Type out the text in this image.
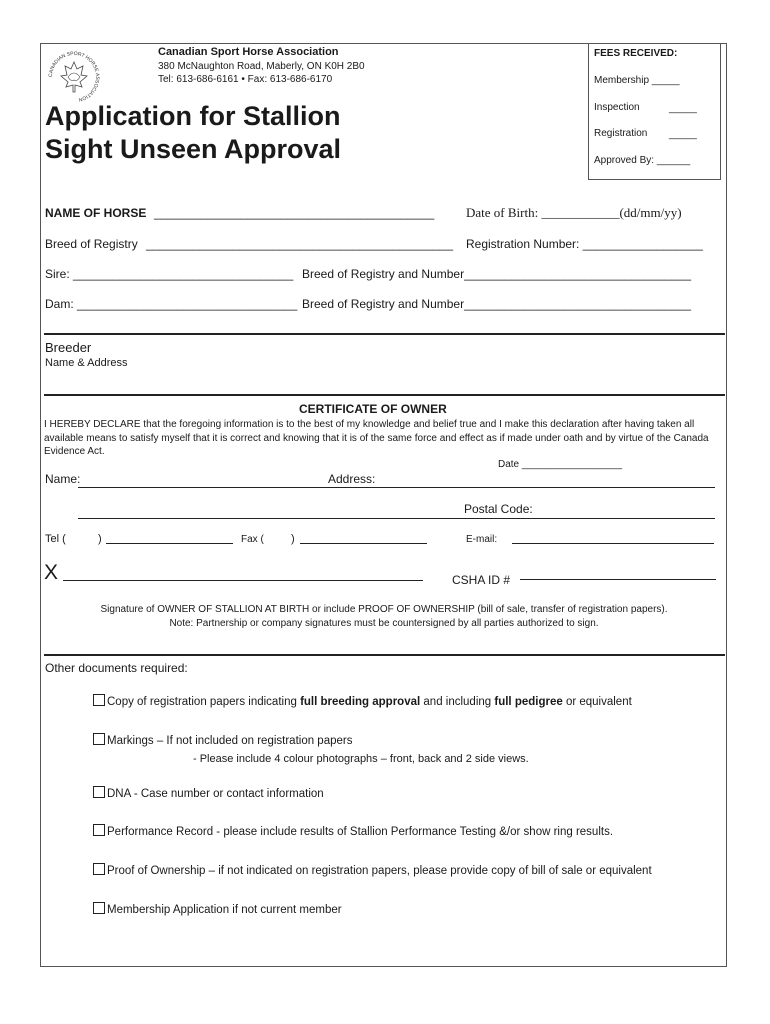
CANADIAN SPORT HORSE ASSOCIATION
Canadian Sport Horse Association
380 McNaughton Road, Maberly, ON K0H 2B0
Tel: 613-686-6161 • Fax: 613-686-6170
Application for Stallion
Sight Unseen Approval
FEES RECEIVED:
Membership _____
Inspection	_____
Registration _____
Approved By: ______
NAME OF HORSE __________________________________________ Date of Birth: ____________(dd/mm/yy)
Breed of Registry ______________________________________________ Registration Number: __________________
Sire: _________________________________ Breed of Registry and Number__________________________________
Dam: _________________________________ Breed of Registry and Number__________________________________
Breeder
Name & Address
CERTIFICATE OF OWNER
I HEREBY DECLARE that the foregoing information is to the best of my knowledge and belief true and I make this declaration after having taken all available means to satisfy myself that it is correct and knowing that it is of the same force and effect as if made under oath and by virtue of the Canada Evidence Act.
Date __________________
Name:	Address:
Postal Code:
Tel (	)	Fax ( )	E-mail:
X	CSHA ID #
Signature of OWNER OF STALLION AT BIRTH or include PROOF OF OWNERSHIP (bill of sale, transfer of registration papers).
Note: Partnership or company signatures must be countersigned by all parties authorized to sign.
Other documents required:
Copy of registration papers indicating full breeding approval and including full pedigree or equivalent
Markings – If not included on registration papers
- Please include 4 colour photographs – front, back and 2 side views.
DNA - Case number or contact information
Performance Record - please include results of Stallion Performance Testing &/or show ring results.
Proof of Ownership – if not indicated on registration papers, please provide copy of bill of sale or equivalent
Membership Application if not current member
